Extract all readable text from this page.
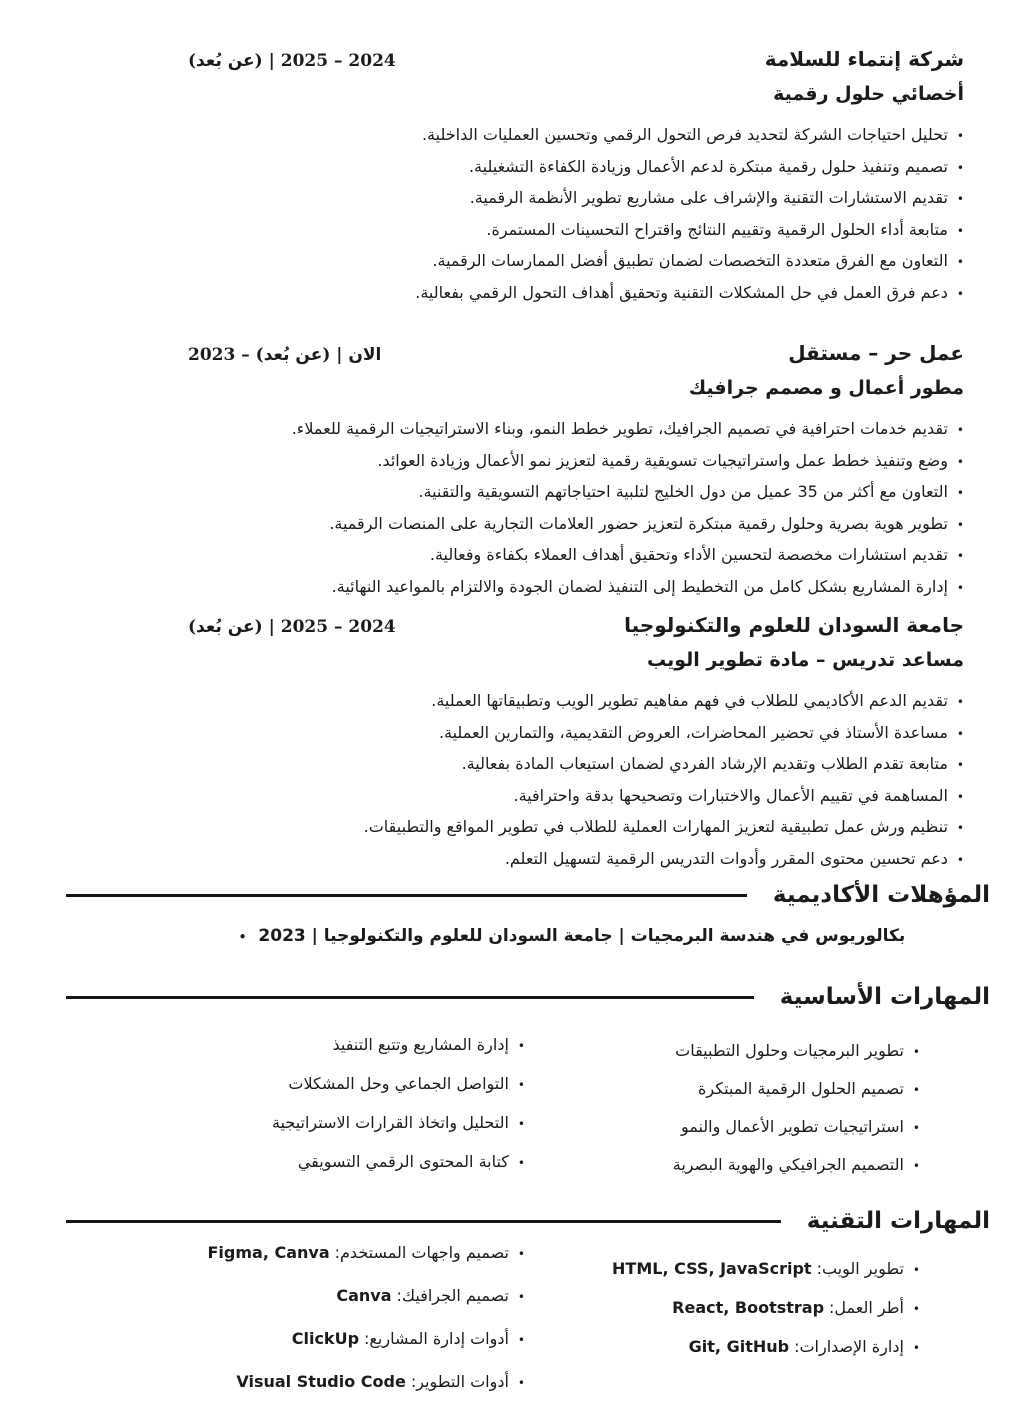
شركة إنتماء للسلامة
2024 – 2025 | (عن بُعد)
أخصائي حلول رقمية
•تحليل احتياجات الشركة لتحديد فرص التحول الرقمي وتحسين العمليات الداخلية.
•تصميم وتنفيذ حلول رقمية مبتكرة لدعم الأعمال وزيادة الكفاءة التشغيلية.
•تقديم الاستشارات التقنية والإشراف على مشاريع تطوير الأنظمة الرقمية.
•متابعة أداء الحلول الرقمية وتقييم النتائج واقتراح التحسينات المستمرة.
•التعاون مع الفرق متعددة التخصصات لضمان تطبيق أفضل الممارسات الرقمية.
•دعم فرق العمل في حل المشكلات التقنية وتحقيق أهداف التحول الرقمي بفعالية.
عمل حر – مستقل
2023 – الان | (عن بُعد)
مطور أعمال و مصمم جرافيك
•تقديم خدمات احترافية في تصميم الجرافيك، تطوير خطط النمو، وبناء الاستراتيجيات الرقمية للعملاء.
•وضع وتنفيذ خطط عمل واستراتيجيات تسويقية رقمية لتعزيز نمو الأعمال وزيادة العوائد.
•التعاون مع أكثر من 35 عميل من دول الخليج لتلبية احتياجاتهم التسويقية والتقنية.
•تطوير هوية بصرية وحلول رقمية مبتكرة لتعزيز حضور العلامات التجارية على المنصات الرقمية.
•تقديم استشارات مخصصة لتحسين الأداء وتحقيق أهداف العملاء بكفاءة وفعالية.
•إدارة المشاريع بشكل كامل من التخطيط إلى التنفيذ لضمان الجودة والالتزام بالمواعيد النهائية.
جامعة السودان للعلوم والتكنولوجيا
2024 – 2025 | (عن بُعد)
مساعد تدريس – مادة تطوير الويب
•تقديم الدعم الأكاديمي للطلاب في فهم مفاهيم تطوير الويب وتطبيقاتها العملية.
•مساعدة الأستاذ في تحضير المحاضرات، العروض التقديمية، والتمارين العملية.
•متابعة تقدم الطلاب وتقديم الإرشاد الفردي لضمان استيعاب المادة بفعالية.
•المساهمة في تقييم الأعمال والاختبارات وتصحيحها بدقة واحترافية.
•تنظيم ورش عمل تطبيقية لتعزيز المهارات العملية للطلاب في تطوير المواقع والتطبيقات.
•دعم تحسين محتوى المقرر وأدوات التدريس الرقمية لتسهيل التعلم.
المؤهلات الأكاديمية
• بكالوريوس في هندسة البرمجيات | جامعة السودان للعلوم والتكنولوجيا | 2023
المهارات الأساسية
•تطوير البرمجيات وحلول التطبيقات
•تصميم الحلول الرقمية المبتكرة
•استراتيجيات تطوير الأعمال والنمو
•التصميم الجرافيكي والهوية البصرية
•إدارة المشاريع وتتبع التنفيذ
•التواصل الجماعي وحل المشكلات
•التحليل واتخاذ القرارات الاستراتيجية
•كتابة المحتوى الرقمي التسويقي
المهارات التقنية
•تطوير الويب:HTML, CSS, JavaScript
•أطر العمل:React, Bootstrap
•إدارة الإصدارات:Git, GitHub
•تصميم واجهات المستخدم:Figma, Canva
•تصميم الجرافيك:Canva
•أدوات إدارة المشاريع:ClickUp
•أدوات التطوير:Visual Studio Code
